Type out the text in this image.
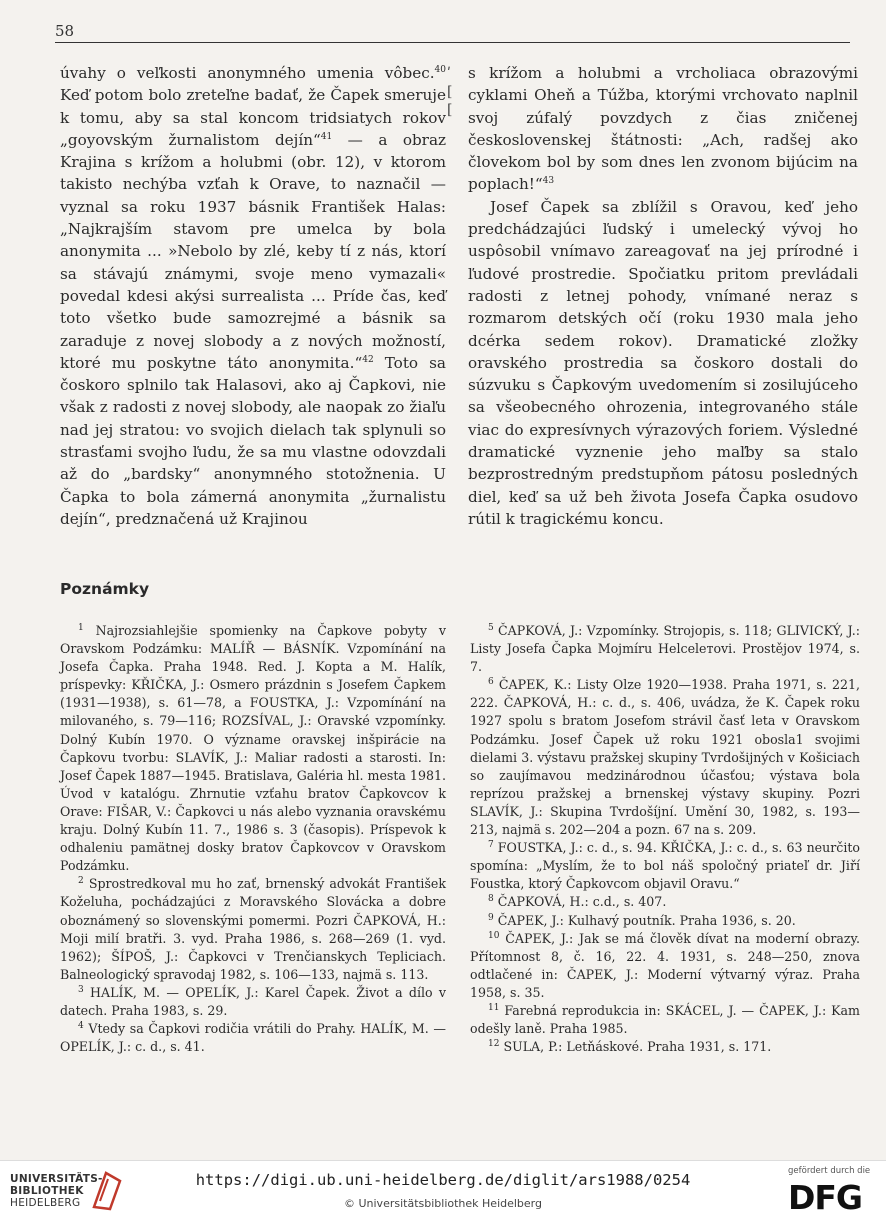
58

úvahy o veľkosti anonymného umenia vôbec.$^{40}$ Keď potom bolo zreteľne badať, že Čapek smeruje k tomu, aby sa stal koncom tridsiatych rokov „goyovským žurnalistom dejín“$^{41}$ — a obraz Krajina s krížom a holubmi (obr. 12), v ktorom takisto nechýba vzťah k Orave, to naznačil — vyznal sa roku 1937 básnik František Halas: „Najkrajším stavom pre umelca by bola anonymita ... »Nebolo by zlé, keby tí z nás, ktorí sa stávajú známymi, svoje meno vymazali« povedal kdesi akýsi surrealista ... Príde čas, keď toto všetko bude samozrejmé a básnik sa zaraduje z novej slobody a z nových možností, ktoré mu poskytne táto anonymita.“$^{42}$ Toto sa čoskoro splnilo tak Halasovi, ako aj Čapkovi, nie však z radosti z novej slobody, ale naopak zo žiaľu nad jej stratou: vo svojich dielach tak splynuli so strasťami svojho ľudu, že sa mu vlastne odovzdali až do „bardsky“ anonymného stotožnenia. U Čapka to bola zámerná anonymita „žurnalistu dejín“, predznačená už Krajinou

ʹ
[
[

s krížom a holubmi a vrcholiaca obrazovými cyklami Oheň a Túžba, ktorými vrchovato naplnil svoj zúfalý povzdych z čias zničenej československej štátnosti: „Ach, radšej ako človekom bol by som dnes len zvonom bijúcim na poplach!“$^{43}$

Josef Čapek sa zblížil s Oravou, keď jeho predchádzajúci ľudský i umelecký vývoj ho uspôsobil vnímavo zareagovať na jej prírodné i ľudové prostredie. Spočiatku pritom prevládali radosti z letnej pohody, vnímané neraz s rozmarom detských očí (roku 1930 mala jeho dcérka sedem rokov). Dramatické zložky oravského prostredia sa čoskoro dostali do súzvuku s Čapkovým uvedomením si zosilujúceho sa všeobecného ohrozenia, integrovaného stále viac do expresívnych výrazových foriem. Výsledné dramatické vyznenie jeho maľby sa stalo bezprostredným predstupňom pátosu posledných diel, keď sa už beh života Josefa Čapka osudovo rútil k tragickému koncu.

Poznámky

$^1$ Najrozsiahlejšie spomienky na Čapkove pobyty v Oravskom Podzámku: MALÍŘ — BÁSNÍK. Vzpomínání na Josefa Čapka. Praha 1948. Red. J. Kopta a M. Halík, príspevky: KŘIČKA, J.: Osmero prázdnin s Josefem Čapkem (1931—1938), s. 61—78, a FOUSTKA, J.: Vzpomínání na milovaného, s. 79—116; ROZSÍVAL, J.: Oravské vzpomínky. Dolný Kubín 1970. O význame oravskej inšpirácie na Čapkovu tvorbu: SLAVÍK, J.: Maliar radosti a starosti. In: Josef Čapek 1887—1945. Bratislava, Galéria hl. mesta 1981. Úvod v katalógu. Zhrnutie vzťahu bratov Čapkovcov k Orave: FIŠAR, V.: Čapkovci u nás alebo vyznania oravskému kraju. Dolný Kubín 11. 7., 1986 s. 3 (časopis). Príspevok k odhaleniu pamätnej dosky bratov Čapkovcov v Oravskom Podzámku.

$^2$ Sprostredkoval mu ho zať, brnenský advokát František Koželuha, pochádzajúci z Moravského Slovácka a dobre oboznámený so slovenskými pomermi. Pozri ČAPKOVÁ, H.: Moji milí bratři. 3. vyd. Praha 1986, s. 268—269 (1. vyd. 1962); ŠÍPOŠ, J.: Čapkovci v Trenčianskych Tepliciach. Balneologický spravodaj 1982, s. 106—133, najmä s. 113.

$^3$ HALÍK, M. — OPELÍK, J.: Karel Čapek. Život a dílo v datech. Praha 1983, s. 29.

$^4$ Vtedy sa Čapkovi rodičia vrátili do Prahy. HALÍK, M. — OPELÍK, J.: c. d., s. 41.

$^5$ ČAPKOVÁ, J.: Vzpomínky. Strojopis, s. 118; GLIVICKÝ, J.: Listy Josefa Čapka Mojmíru Helcelетovi. Prostějov 1974, s. 7.

$^6$ ČAPEK, K.: Listy Olze 1920—1938. Praha 1971, s. 221, 222. ČAPKOVÁ, H.: c. d., s. 406, uvádza, že K. Čapek roku 1927 spolu s bratom Josefom strávil časť leta v Oravskom Podzámku. Josef Čapek už roku 1921 obosla1 svojimi dielami 3. výstavu pražskej skupiny Tvrdošijných v Košiciach so zaujímavou medzinárodnou účasťou; výstava bola reprízou pražskej a brnenskej výstavy skupiny. Pozri SLAVÍK, J.: Skupina Tvrdošíjní. Umění 30, 1982, s. 193—213, najmä s. 202—204 a pozn. 67 na s. 209.

$^7$ FOUSTKA, J.: c. d., s. 94. KŘIČKA, J.: c. d., s. 63 neurčito spomína: „Myslím, že to bol náš spoločný priateľ dr. Jiří Foustka, ktorý Čapkovcom objavil Oravu.“

$^8$ ČAPKOVÁ, H.: c.d., s. 407.

$^9$ ČAPEK, J.: Kulhavý poutník. Praha 1936, s. 20.

$^{10}$ ČAPEK, J.: Jak se má člověk dívat na moderní obrazy. Přítomnost 8, č. 16, 22. 4. 1931, s. 248—250, znova odtlačené in: ČAPEK, J.: Moderní výtvarný výraz. Praha 1958, s. 35.

$^{11}$ Farebná reprodukcia in: SKÁCEL, J. — ČAPEK, J.: Kam odešly laně. Praha 1985.

$^{12}$ SULA, P.: Letňáskové. Praha 1931, s. 171.

UNIVERSITÄTS-
BIBLIOTHEK
HEIDELBERG
https://digi.ub.uni-heidelberg.de/diglit/ars1988/0254
© Universitätsbibliothek Heidelberg
gefördert durch die
DFG
